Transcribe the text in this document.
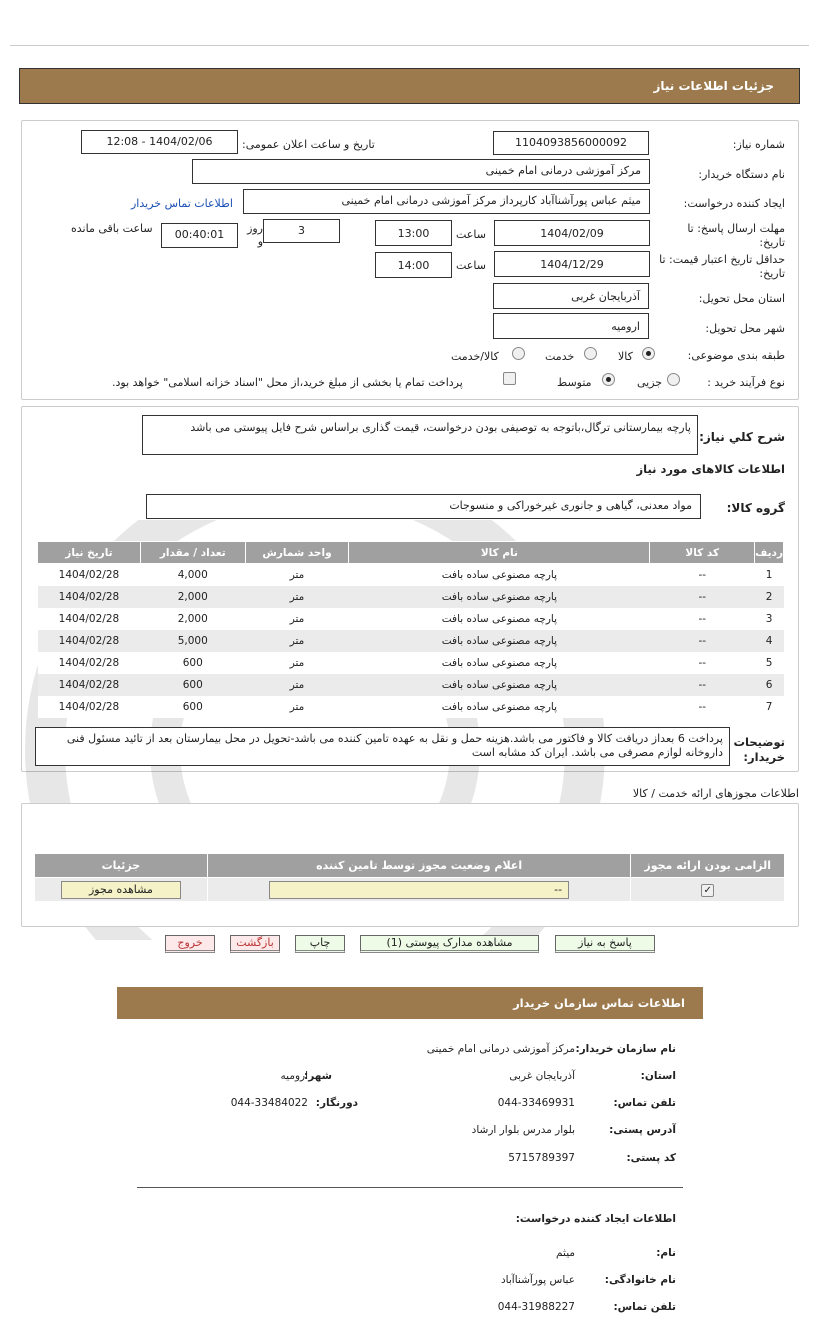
جزئیات اطلاعات نیاز
شماره نیاز:
1104093856000092
تاریخ و ساعت اعلان عمومی:
1404/02/06 - 12:08
نام دستگاه خریدار:
مرکز آموزشی درمانی امام خمینی
ایجاد کننده درخواست:
میثم عباس پورآشناآباد کارپرداز مرکز آموزشی درمانی امام خمینی
اطلاعات تماس خریدار
مهلت ارسال پاسخ: تا تاریخ:
1404/02/09
ساعت
13:00
روز و
3
00:40:01
ساعت باقی مانده
حداقل تاریخ اعتبار قیمت: تا تاریخ:
1404/12/29
ساعت
14:00
استان محل تحویل:
آذربایجان غربی
شهر محل تحویل:
ارومیه
طبقه بندی موضوعی:
کالا
خدمت
کالا/خدمت
نوع فرآیند خرید :
جزیی
متوسط
پرداخت تمام یا بخشی از مبلغ خرید،از محل "اسناد خزانه اسلامی" خواهد بود.
شرح کلي نياز:
پارچه بیمارستانی ترگال،باتوجه به توصیفی بودن درخواست، قیمت گذاری براساس شرح فایل پیوستی می باشد
اطلاعات کالاهای مورد نیاز
گروه کالا:
مواد معدنی، گیاهی و جانوری غیرخوراکی و منسوجات
ردیف	کد کالا	نام کالا	واحد شمارش	تعداد / مقدار	تاریخ نیاز
1	--	پارچه مصنوعی ساده بافت	متر	4,000	1404/02/28
2	--	پارچه مصنوعی ساده بافت	متر	2,000	1404/02/28
3	--	پارچه مصنوعی ساده بافت	متر	2,000	1404/02/28
4	--	پارچه مصنوعی ساده بافت	متر	5,000	1404/02/28
5	--	پارچه مصنوعی ساده بافت	متر	600	1404/02/28
6	--	پارچه مصنوعی ساده بافت	متر	600	1404/02/28
7	--	پارچه مصنوعی ساده بافت	متر	600	1404/02/28
توضیحات خریدار:
پرداخت 6 بعداز دریافت کالا و فاکتور می باشد.هزینه حمل و نقل به عهده تامین کننده می باشد-تحویل در محل بیمارستان بعد از تائید مسئول فنی داروخانه لوازم مصرفی می باشد. ایران کد مشابه است
اطلاعات مجوزهای ارائه خدمت / کالا
الزامی بودن ارائه مجوز	اعلام وضعیت مجوز توسط تامین کننده	جزئیات
✓	--	مشاهده مجوز
پاسخ به نیاز
مشاهده مدارک پیوستی (1)
چاپ
بازگشت
خروج
اطلاعات تماس سازمان خریدار
نام سازمان خریدار:
مرکز آموزشی درمانی امام خمینی
استان:
آذربایجان غربی
شهر:
ارومیه
تلفن تماس:
044-33469931
دورنگار:
044-33484022
آدرس پستی:
بلوار مدرس بلوار ارشاد
کد پستی:
5715789397
اطلاعات ایجاد کننده درخواست:
نام:
میثم
نام خانوادگی:
عباس پورآشناآباد
تلفن تماس:
044-31988227
